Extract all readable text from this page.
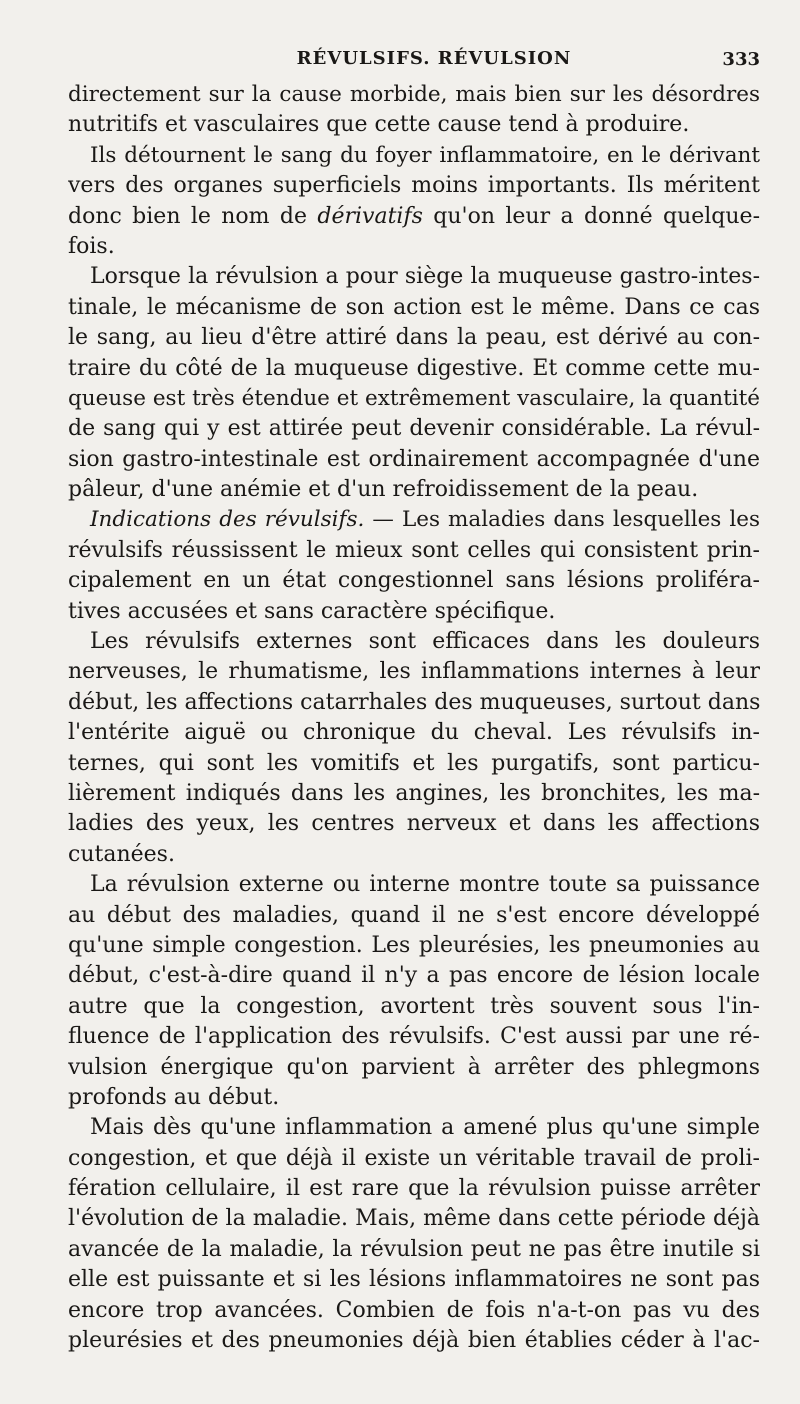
RÉVULSIFS. RÉVULSION	333
directement sur la cause morbide, mais bien sur les désordres
nutritifs et vasculaires que cette cause tend à produire.
Ils détournent le sang du foyer inflammatoire, en le dérivant
vers des organes superficiels moins importants. Ils méritent
donc bien le nom de dérivatifs qu'on leur a donné quelque-
fois.
Lorsque la révulsion a pour siège la muqueuse gastro-intes-
tinale, le mécanisme de son action est le même. Dans ce cas
le sang, au lieu d'être attiré dans la peau, est dérivé au con-
traire du côté de la muqueuse digestive. Et comme cette mu-
queuse est très étendue et extrêmement vasculaire, la quantité
de sang qui y est attirée peut devenir considérable. La révul-
sion gastro-intestinale est ordinairement accompagnée d'une
pâleur, d'une anémie et d'un refroidissement de la peau.
Indications des révulsifs. — Les maladies dans lesquelles les
révulsifs réussissent le mieux sont celles qui consistent prin-
cipalement en un état congestionnel sans lésions proliféra-
tives accusées et sans caractère spécifique.
Les révulsifs externes sont efficaces dans les douleurs
nerveuses, le rhumatisme, les inflammations internes à leur
début, les affections catarrhales des muqueuses, surtout dans
l'entérite aiguë ou chronique du cheval. Les révulsifs in-
ternes, qui sont les vomitifs et les purgatifs, sont particu-
lièrement indiqués dans les angines, les bronchites, les ma-
ladies des yeux, les centres nerveux et dans les affections
cutanées.
La révulsion externe ou interne montre toute sa puissance
au début des maladies, quand il ne s'est encore développé
qu'une simple congestion. Les pleurésies, les pneumonies au
début, c'est-à-dire quand il n'y a pas encore de lésion locale
autre que la congestion, avortent très souvent sous l'in-
fluence de l'application des révulsifs. C'est aussi par une ré-
vulsion énergique qu'on parvient à arrêter des phlegmons
profonds au début.
Mais dès qu'une inflammation a amené plus qu'une simple
congestion, et que déjà il existe un véritable travail de proli-
fération cellulaire, il est rare que la révulsion puisse arrêter
l'évolution de la maladie. Mais, même dans cette période déjà
avancée de la maladie, la révulsion peut ne pas être inutile si
elle est puissante et si les lésions inflammatoires ne sont pas
encore trop avancées. Combien de fois n'a-t-on pas vu des
pleurésies et des pneumonies déjà bien établies céder à l'ac-
